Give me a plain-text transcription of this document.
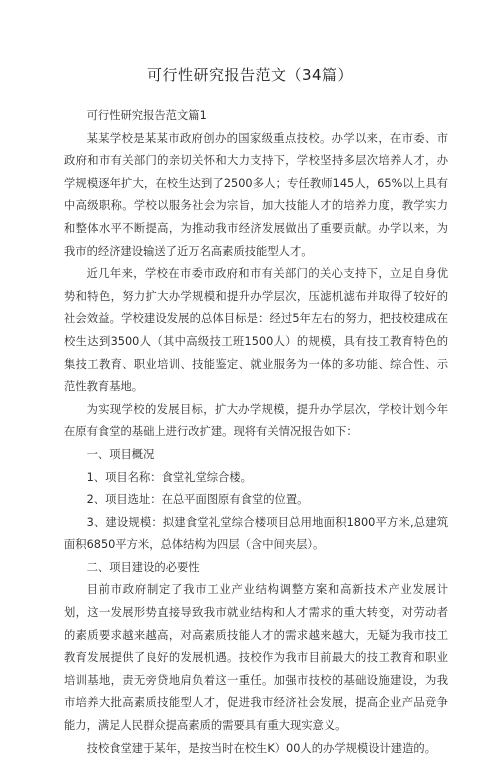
可行性研究报告范文（34篇）

可行性研究报告范文篇1

某某学校是某某市政府创办的国家级重点技校。办学以来，在市委、市政府和市有关部门的亲切关怀和大力支持下，学校坚持多层次培养人才，办学规模逐年扩大，在校生达到了2500多人；专任教师145人，65%以上具有中高级职称。学校以服务社会为宗旨，加大技能人才的培养力度，教学实力和整体水平不断提高，为推动我市经济发展做出了重要贡献。办学以来，为我市的经济建设输送了近万名高素质技能型人才。

近几年来，学校在市委市政府和市有关部门的关心支持下，立足自身优势和特色，努力扩大办学规模和提升办学层次，压滤机滤布并取得了较好的社会效益。学校建设发展的总体目标是：经过5年左右的努力，把技校建成在校生达到3500人（其中高级技工班1500人）的规模，具有技工教育特色的集技工教育、职业培训、技能鉴定、就业服务为一体的多功能、综合性、示范性教育基地。

为实现学校的发展目标，扩大办学规模，提升办学层次，学校计划今年在原有食堂的基础上进行改扩建。现将有关情况报告如下：

一、项目概况

1、项目名称：食堂礼堂综合楼。

2、项目选址：在总平面图原有食堂的位置。

3、建设规模：拟建食堂礼堂综合楼项目总用地面积1800平方米,总建筑面积6850平方米，总体结构为四层（含中间夹层）。

二、项目建设的必要性

目前市政府制定了我市工业产业结构调整方案和高新技术产业发展计划，这一发展形势直接导致我市就业结构和人才需求的重大转变，对劳动者的素质要求越来越高，对高素质技能人才的需求越来越大，无疑为我市技工教育发展提供了良好的发展机遇。技校作为我市目前最大的技工教育和职业培训基地，责无旁贷地肩负着这一重任。加强市技校的基础设施建设，为我市培养大批高素质技能型人才，促进我市经济社会发展，提高企业产品竞争能力，满足人民群众提高素质的需要具有重大现实意义。

技校食堂建于某年，是按当时在校生K）00人的办学规模设计建造的。
